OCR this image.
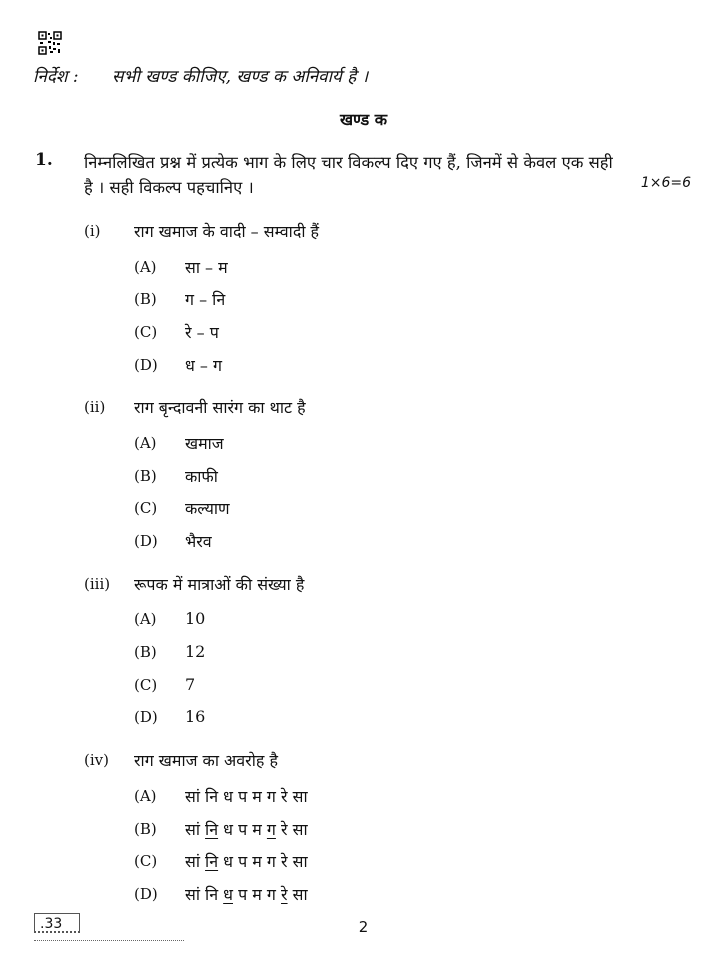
निर्देश : सभी खण्ड कीजिए, खण्ड क अनिवार्य है ।
खण्ड क
1. निम्नलिखित प्रश्न में प्रत्येक भाग के लिए चार विकल्प दिए गए हैं, जिनमें से केवल एक सही
है । सही विकल्प पहचानिए ।	1×6=6
(i) राग खमाज के वादी – सम्वादी हैं
(A) सा – म
(B) ग – नि
(C) रे – प
(D) ध – ग
(ii) राग बृन्दावनी सारंग का थाट है
(A) खमाज
(B) काफी
(C) कल्याण
(D) भैरव
(iii) रूपक में मात्राओं की संख्या है
(A) 10
(B) 12
(C) 7
(D) 16
(iv) राग खमाज का अवरोह है
(A) सां नि ध प म ग रे सा
(B) सां नि ध प म ग रे सा
(C) सां नि ध प म ग रे सा
(D) सां नि ध प म ग रे सा
.33	2
